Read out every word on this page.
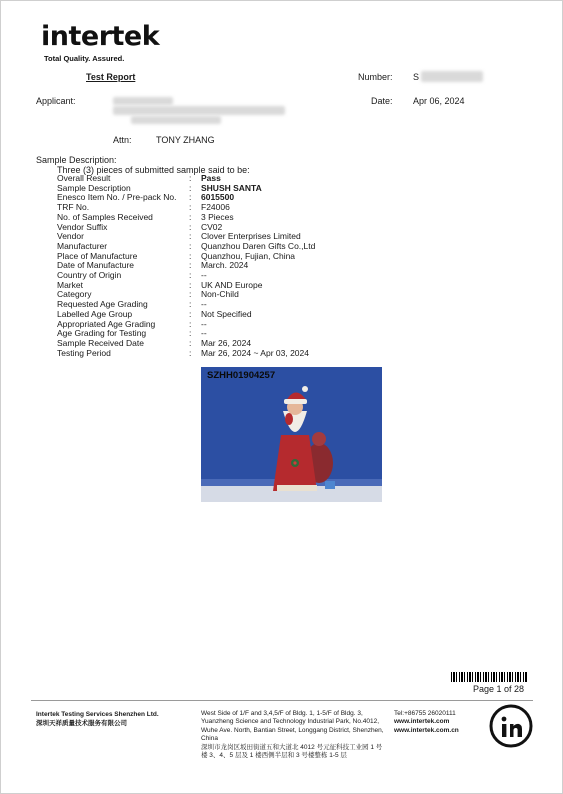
intertek
Total Quality. Assured.
Test Report	Number: S
Applicant:	Date: Apr 06, 2024
Attn:	TONY ZHANG
Sample Description:
Three (3) pieces of submitted sample said to be:
Overall Result	:	Pass
Sample Description	:	SHUSH SANTA
Enesco Item No. / Pre-pack No.	:	6015500
TRF No.	:	F24006
No. of Samples Received	:	3 Pieces
Vendor Suffix	:	CV02
Vendor	:	Clover Enterprises Limited
Manufacturer	:	Quanzhou Daren Gifts Co.,Ltd
Place of Manufacture	:	Quanzhou, Fujian, China
Date of Manufacture	:	March. 2024
Country of Origin	:	--
Market	:	UK AND Europe
Category	:	Non-Child
Requested Age Grading	:	--
Labelled Age Group	:	Not Specified
Appropriated Age Grading	:	--
Age Grading for Testing	:	--
Sample Received Date	:	Mar 26, 2024
Testing Period	:	Mar 26, 2024 ~ Apr 03, 2024
SZHH01904257
Page 1 of 28
Intertek Testing Services Shenzhen Ltd.
深圳天祥质量技术服务有限公司
West Side of 1/F and 3,4,5/F of Bldg. 1, 1-5/F of Bldg. 3, Yuanzheng Science and Technology Industrial Park, No.4012, Wuhe Ave. North, Bantian Street, Longgang District, Shenzhen, China
深圳市龙岗区坂田街道五和大道北 4012 号元征科技工业园 1 号楼 3、4、5 层及 1 楼西侧半层和 3 号楼整栋 1-5 层
Tel:+86755 26020111
www.intertek.com
www.intertek.com.cn
